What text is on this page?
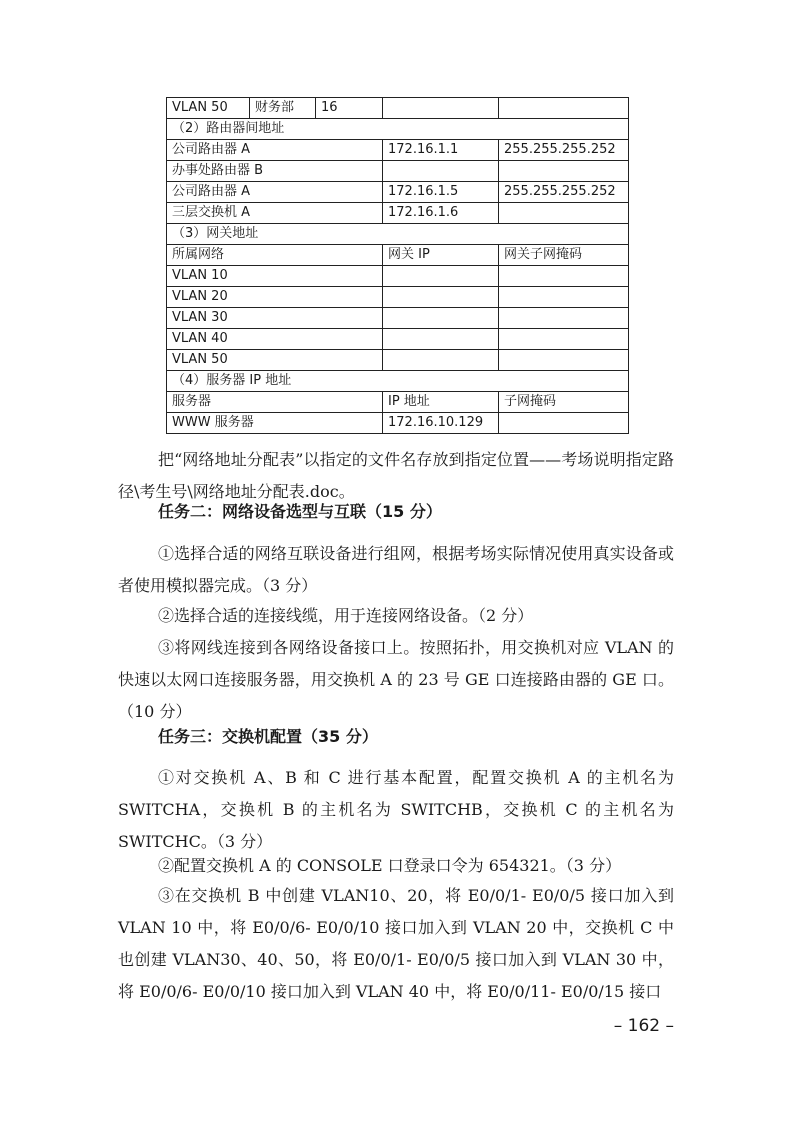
VLAN 50	财务部	16		
（2）路由器间地址				
公司路由器 A			172.16.1.1	255.255.255.252
办事处路由器 B				
公司路由器 A			172.16.1.5	255.255.255.252
三层交换机 A			172.16.1.6	
（3）网关地址				
所属网络			网关 IP	网关子网掩码
VLAN 10				
VLAN 20				
VLAN 30				
VLAN 40				
VLAN 50				
（4）服务器 IP 地址				
服务器			IP 地址	子网掩码
WWW 服务器			172.16.10.129	

把“网络地址分配表”以指定的文件名存放到指定位置——考场说明指定路径\考生号\网络地址分配表.doc。

任务二：网络设备选型与互联（15 分）

①选择合适的网络互联设备进行组网，根据考场实际情况使用真实设备或者使用模拟器完成。（3 分）

②选择合适的连接线缆，用于连接网络设备。（2 分）

③将网线连接到各网络设备接口上。按照拓扑，用交换机对应 VLAN 的快速以太网口连接服务器，用交换机 A 的 23 号 GE 口连接路由器的 GE 口。（10 分）

任务三：交换机配置（35 分）

①对交换机 A、B 和 C 进行基本配置，配置交换机 A 的主机名为 SWITCHA，交换机 B 的主机名为 SWITCHB，交换机 C 的主机名为 SWITCHC。（3 分）

②配置交换机 A 的 CONSOLE 口登录口令为 654321。（3 分）

③在交换机 B 中创建 VLAN10、20，将 E0/0/1- E0/0/5 接口加入到 VLAN 10 中，将 E0/0/6- E0/0/10 接口加入到 VLAN 20 中，交换机 C 中也创建 VLAN30、40、50，将 E0/0/1- E0/0/5 接口加入到 VLAN 30 中，将 E0/0/6- E0/0/10 接口加入到 VLAN 40 中，将 E0/0/11- E0/0/15 接口

– 162 –
